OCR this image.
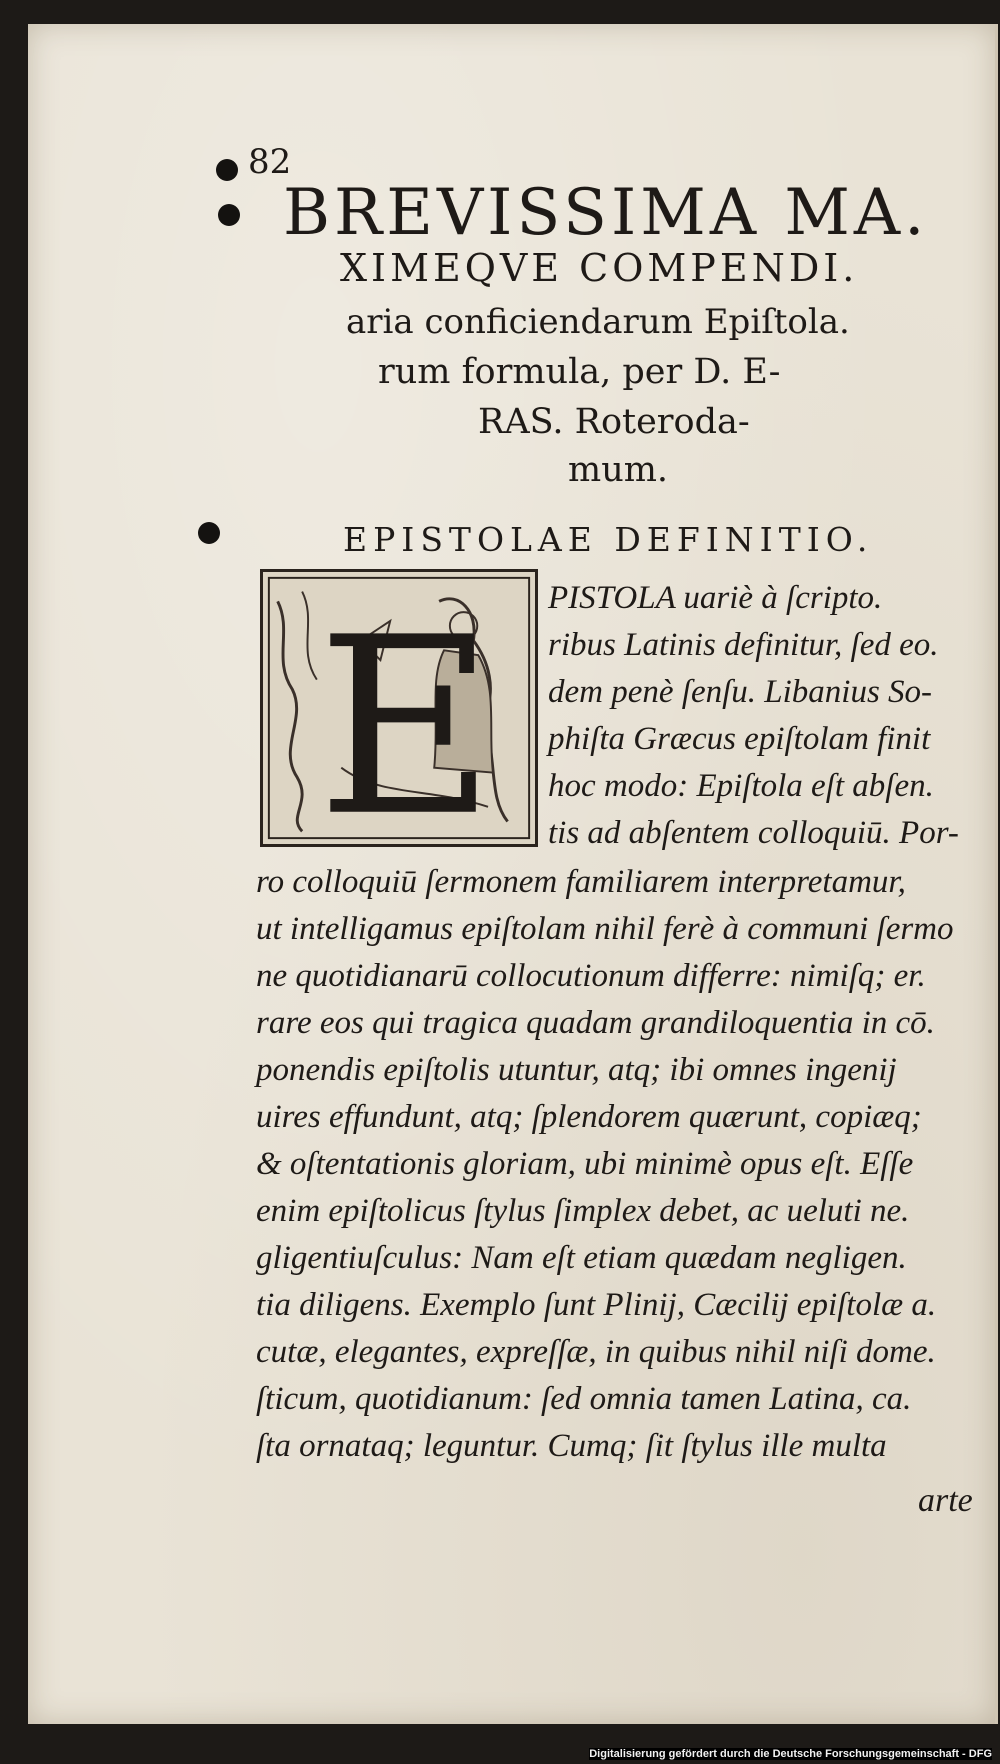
82
BREVISSIMA MA.
XIMEQVE COMPENDI.
aria conficiendarum Epiſtola.
rum formula, per D. E-
RAS. Roteroda-
mum.
EPISTOLAE DEFINITIO.
E PISTOLA uariè à ſcripto.
ribus Latinis definitur, ſed eo.
dem penè ſenſu. Libanius So-
phiſta Græcus epiſtolam finit
hoc modo: Epiſtola eſt abſen.
tis ad abſentem colloquiū. Por-
ro colloquiū ſermonem familiarem interpretamur,
ut intelligamus epiſtolam nihil ferè à communi ſermo
ne quotidianarū collocutionum differre: nimiſq; er.
rare eos qui tragica quadam grandiloquentia in cō.
ponendis epiſtolis utuntur, atq; ibi omnes ingenij
uires effundunt, atq; ſplendorem quærunt, copiæq;
& oſtentationis gloriam, ubi minimè opus eſt. Eſſe
enim epiſtolicus ſtylus ſimplex debet, ac ueluti ne.
gligentiuſculus: Nam eſt etiam quædam negligen.
tia diligens. Exemplo ſunt Plinij, Cæcilij epiſtolæ a.
cutæ, elegantes, expreſſæ, in quibus nihil niſi dome.
ſticum, quotidianum: ſed omnia tamen Latina, ca.
ſta ornataq; leguntur. Cumq; ſit ſtylus ille multa
arte
Digitalisierung gefördert durch die Deutsche Forschungsgemeinschaft - DFG
